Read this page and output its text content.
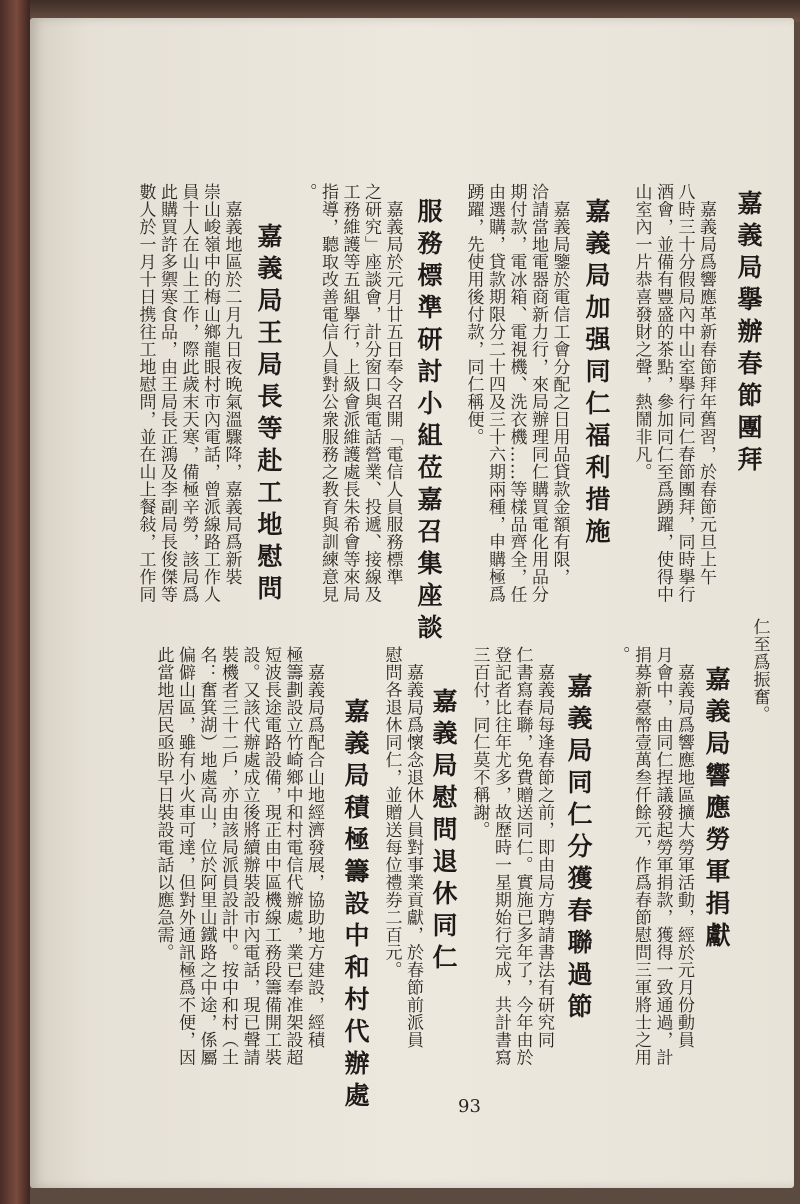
嘉義局擧辦春節團拜
　嘉義局爲響應革新春節拜年舊習，於春節元旦上午
八時三十分假局內中山室擧行同仁春節團拜，同時擧行
酒會，並備有豐盛的茶點，參加同仁至爲踴躍，使得中
山室內一片恭喜發財之聲，熱鬧非凡。
嘉義局加强同仁福利措施
　嘉義局鑒於電信工會分配之日用品貸款金額有限，
洽請當地電器商新力行，來局辦理同仁購買電化用品分
期付款，電冰箱、電視機、洗衣機……等樣品齊全，任
由選購，貸款期限分二十四及三十六期兩種，申購極爲
踴躍，先使用後付款，同仁稱便。
服務標準研討小組莅嘉召集座談
　嘉義局於元月廿五日奉令召開「電信人員服務標準
之研究」座談會，計分窗口與電話營業、投遞、接線及
工務維護等五組擧行，上級會派維護處長朱希會等來局
指導，聽取改善電信人員對公衆服務之教育與訓練意見
。
嘉義局王局長等赴工地慰問
　嘉義地區於二月九日夜晚氣溫驟降，嘉義局爲新裝
崇山峻嶺中的梅山鄉龍眼村市內電話，曾派線路工作人
員十人在山上工作，際此歲末天寒，備極辛勞，該局爲
此購買許多禦寒食品，由王局長正鴻及李副局長俊傑等
數人於一月十日携往工地慰問，並在山上餐敍，工作同
仁至爲振奮。
嘉義局響應勞軍捐獻
　嘉義局爲響應地區擴大勞軍活動，經於元月份動員
月會中，由同仁捏議發起勞軍捐款，獲得一致通過，計
捐募新臺幣壹萬叁仟餘元，作爲春節慰問三軍將士之用
。
嘉義局同仁分獲春聯過節
　嘉義局每逢春節之前，即由局方聘請書法有研究同
仁書寫春聯，免費贈送同仁。實施已多年了，今年由於
登記者比往年尤多，故歷時一星期始行完成，共計書寫
三百付，同仁莫不稱謝。
嘉義局慰問退休同仁
　嘉義局爲懷念退休人員對事業貢獻，於春節前派員
慰問各退休同仁，並贈送每位禮券二百元。
嘉義局積極籌設中和村代辦處
　嘉義局爲配合山地經濟發展，協助地方建設，經積
極籌劃設立竹崎鄉中和村電信代辦處，業已奉准架設超
短波長途電路設備，現正由中區機線工務段籌備開工裝
設。又該代辦處成立後將續辦裝設市內電話，現已聲請
裝機者三十二戶，亦由該局派員設計中。按中和村（土
名：奮箕湖）地處高山，位於阿里山鐵路之中途，係屬
偏僻山區，雖有小火車可達，但對外通訊極爲不便，因
此當地居民亟盼早日裝設電話以應急需。
93
